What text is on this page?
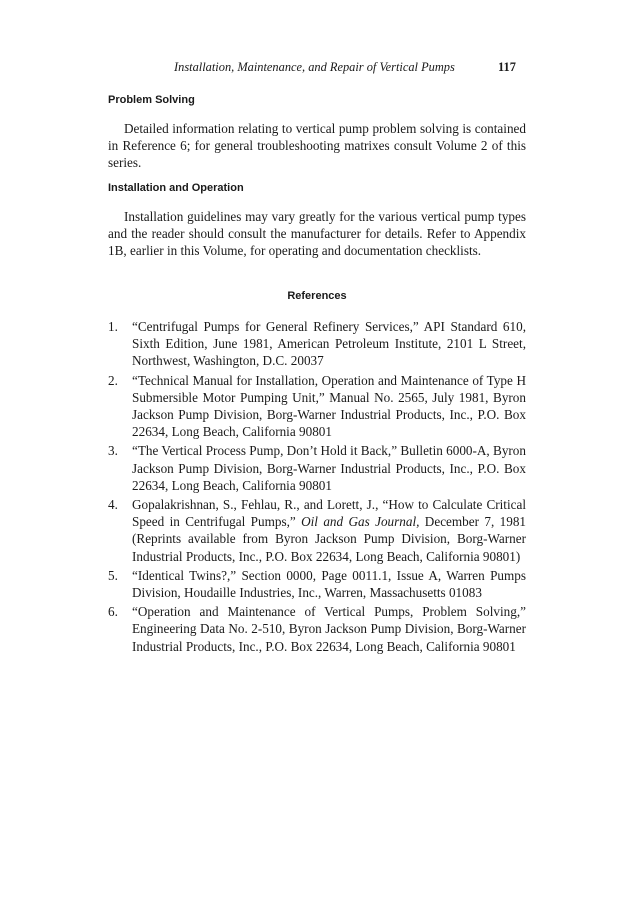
Installation, Maintenance, and Repair of Vertical Pumps	117
Problem Solving

Detailed information relating to vertical pump problem solving is contained in Reference 6; for general troubleshooting matrixes consult Volume 2 of this series.

Installation and Operation

Installation guidelines may vary greatly for the various vertical pump types and the reader should consult the manufacturer for details. Refer to Appendix 1B, earlier in this Volume, for operating and documentation checklists.

References
1.	“Centrifugal Pumps for General Refinery Services,” API Standard 610, Sixth Edition, June 1981, American Petroleum Institute, 2101 L Street, Northwest, Washington, D.C. 20037
2.	“Technical Manual for Installation, Operation and Maintenance of Type H Submersible Motor Pumping Unit,” Manual No. 2565, July 1981, Byron Jackson Pump Division, Borg-Warner Industrial Products, Inc., P.O. Box 22634, Long Beach, California 90801
3.	“The Vertical Process Pump, Don’t Hold it Back,” Bulletin 6000-A, Byron Jackson Pump Division, Borg-Warner Industrial Products, Inc., P.O. Box 22634, Long Beach, California 90801
4.	Gopalakrishnan, S., Fehlau, R., and Lorett, J., “How to Calculate Critical Speed in Centrifugal Pumps,” Oil and Gas Journal, December 7, 1981 (Reprints available from Byron Jackson Pump Division, Borg-Warner Industrial Products, Inc., P.O. Box 22634, Long Beach, California 90801)
5.	“Identical Twins?,” Section 0000, Page 0011.1, Issue A, Warren Pumps Division, Houdaille Industries, Inc., Warren, Massachusetts 01083
6.	“Operation and Maintenance of Vertical Pumps, Problem Solving,” Engineering Data No. 2-510, Byron Jackson Pump Division, Borg-Warner Industrial Products, Inc., P.O. Box 22634, Long Beach, California 90801
